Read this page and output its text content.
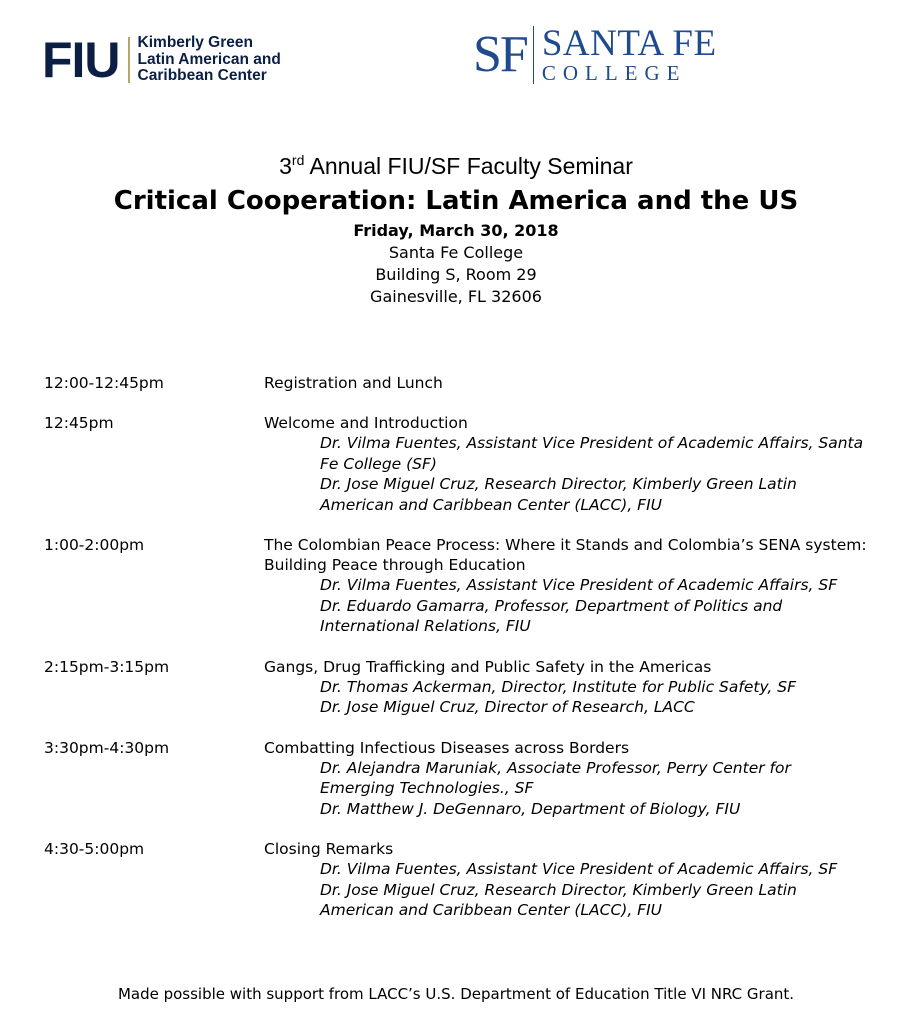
FIU Kimberly Green
Latin American and
Caribbean Center	SF SANTA FE
COLLEGE
3rd Annual FIU/SF Faculty Seminar
Critical Cooperation: Latin America and the US
Friday, March 30, 2018
Santa Fe College
Building S, Room 29
Gainesville, FL 32606
12:00-12:45pm	Registration and Lunch
12:45pm	Welcome and Introduction
Dr. Vilma Fuentes, Assistant Vice President of Academic Affairs, Santa Fe College (SF)
Dr. Jose Miguel Cruz, Research Director, Kimberly Green Latin American and Caribbean Center (LACC), FIU
1:00-2:00pm	The Colombian Peace Process: Where it Stands and Colombia’s SENA system: Building Peace through Education
Dr. Vilma Fuentes, Assistant Vice President of Academic Affairs, SF
Dr. Eduardo Gamarra, Professor, Department of Politics and International Relations, FIU
2:15pm-3:15pm	Gangs, Drug Trafficking and Public Safety in the Americas
Dr. Thomas Ackerman, Director, Institute for Public Safety, SF
Dr. Jose Miguel Cruz, Director of Research, LACC
3:30pm-4:30pm	Combatting Infectious Diseases across Borders
Dr. Alejandra Maruniak, Associate Professor, Perry Center for Emerging Technologies., SF
Dr. Matthew J. DeGennaro, Department of Biology, FIU
4:30-5:00pm	Closing Remarks
Dr. Vilma Fuentes, Assistant Vice President of Academic Affairs, SF
Dr. Jose Miguel Cruz, Research Director, Kimberly Green Latin American and Caribbean Center (LACC), FIU
Made possible with support from LACC’s U.S. Department of Education Title VI NRC Grant.
